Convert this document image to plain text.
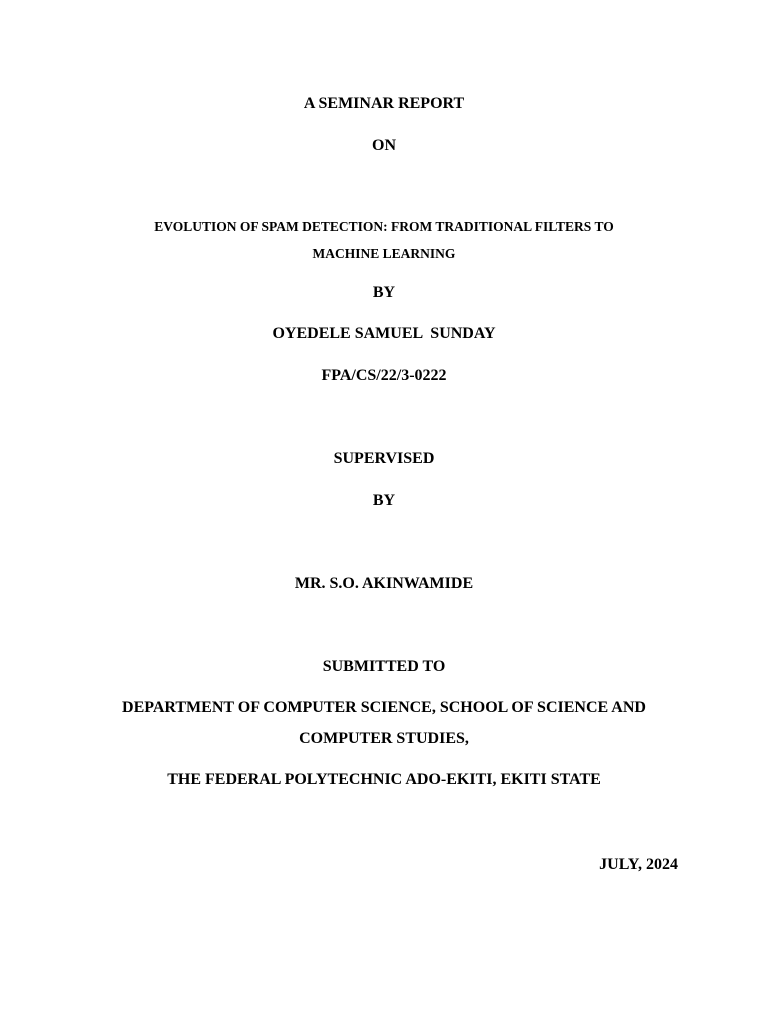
A SEMINAR REPORT
ON
EVOLUTION OF SPAM DETECTION: FROM TRADITIONAL FILTERS TO
MACHINE LEARNING
BY
OYEDELE SAMUEL  SUNDAY
FPA/CS/22/3-0222
SUPERVISED
BY
MR. S.O. AKINWAMIDE
SUBMITTED TO
DEPARTMENT OF COMPUTER SCIENCE, SCHOOL OF SCIENCE AND
COMPUTER STUDIES,
THE FEDERAL POLYTECHNIC ADO-EKITI, EKITI STATE
JULY, 2024
